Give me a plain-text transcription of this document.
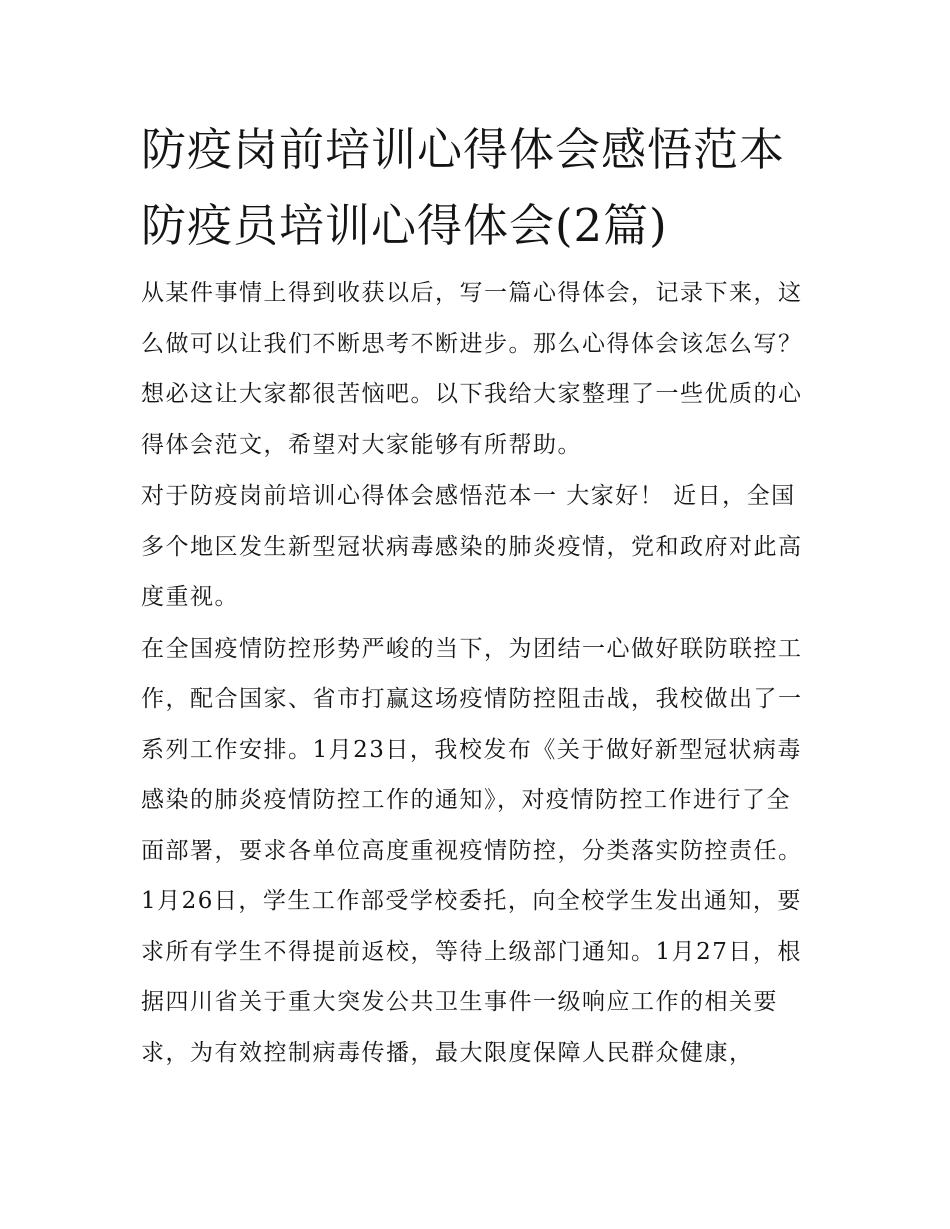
防疫岗前培训心得体会感悟范本 防疫员培训心得体会(2篇)

从某件事情上得到收获以后，写一篇心得体会，记录下来，这么做可以让我们不断思考不断进步。那么心得体会该怎么写？想必这让大家都很苦恼吧。以下我给大家整理了一些优质的心得体会范文，希望对大家能够有所帮助。

对于防疫岗前培训心得体会感悟范本一 大家好！ 近日，全国多个地区发生新型冠状病毒感染的肺炎疫情，党和政府对此高度重视。

在全国疫情防控形势严峻的当下，为团结一心做好联防联控工作，配合国家、省市打赢这场疫情防控阻击战，我校做出了一系列工作安排。1月23日，我校发布《关于做好新型冠状病毒感染的肺炎疫情防控工作的通知》，对疫情防控工作进行了全面部署，要求各单位高度重视疫情防控，分类落实防控责任。1月26日，学生工作部受学校委托，向全校学生发出通知，要求所有学生不得提前返校，等待上级部门通知。1月27日，根据四川省关于重大突发公共卫生事件一级响应工作的相关要求，为有效控制病毒传播，最大限度保障人民群众健康，
